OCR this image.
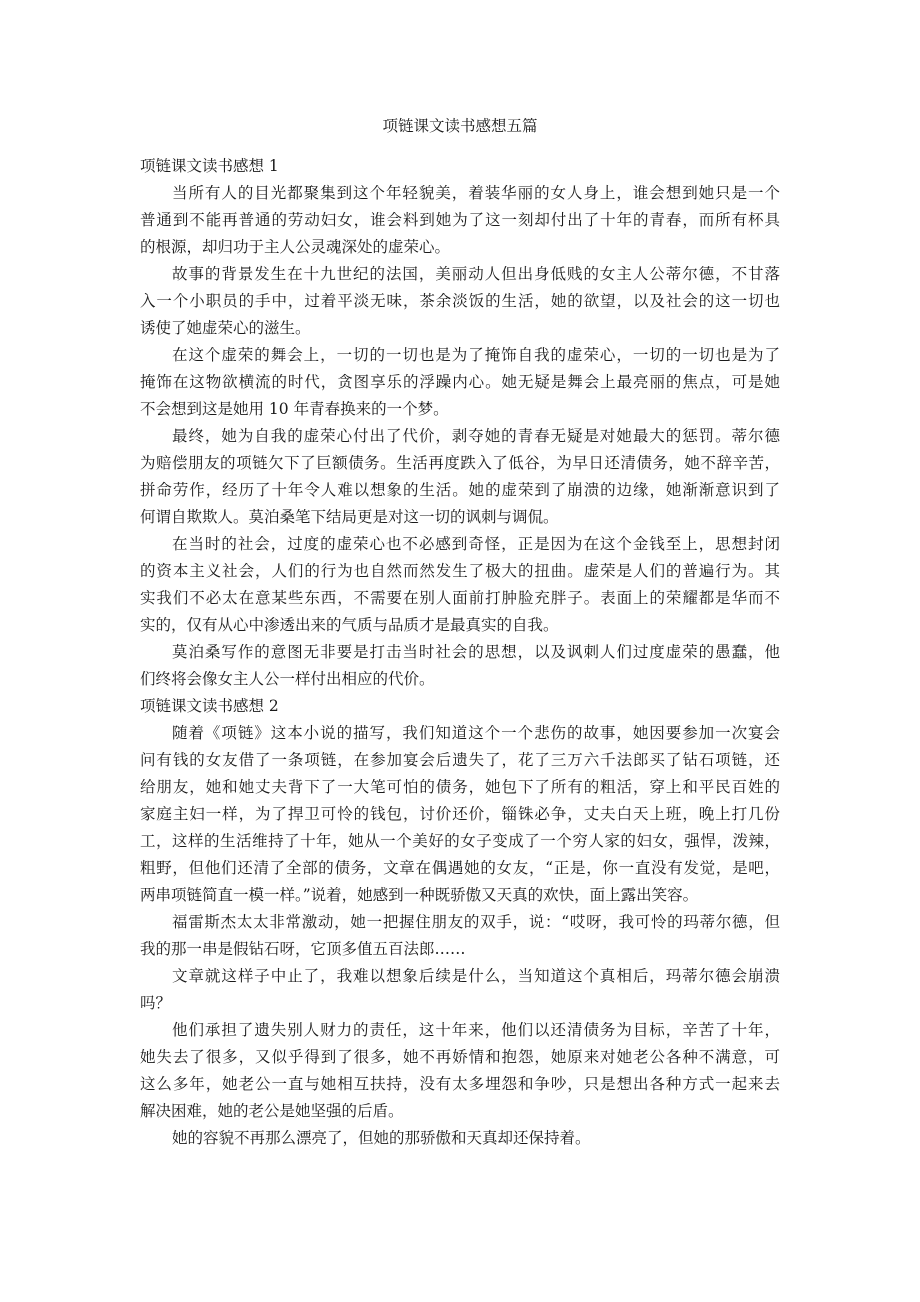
项链课文读书感想五篇
项链课文读书感想 1
当所有人的目光都聚集到这个年轻貌美，着装华丽的女人身上，谁会想到她只是一个
普通到不能再普通的劳动妇女，谁会料到她为了这一刻却付出了十年的青春，而所有杯具
的根源，却归功于主人公灵魂深处的虚荣心。
故事的背景发生在十九世纪的法国，美丽动人但出身低贱的女主人公蒂尔德，不甘落
入一个小职员的手中，过着平淡无味，茶余淡饭的生活，她的欲望，以及社会的这一切也
诱使了她虚荣心的滋生。
在这个虚荣的舞会上，一切的一切也是为了掩饰自我的虚荣心，一切的一切也是为了
掩饰在这物欲横流的时代，贪图享乐的浮躁内心。她无疑是舞会上最亮丽的焦点，可是她
不会想到这是她用 10 年青春换来的一个梦。
最终，她为自我的虚荣心付出了代价，剥夺她的青春无疑是对她最大的惩罚。蒂尔德
为赔偿朋友的项链欠下了巨额债务。生活再度跌入了低谷，为早日还清债务，她不辞辛苦，
拼命劳作，经历了十年令人难以想象的生活。她的虚荣到了崩溃的边缘，她渐渐意识到了
何谓自欺欺人。莫泊桑笔下结局更是对这一切的讽刺与调侃。
在当时的社会，过度的虚荣心也不必感到奇怪，正是因为在这个金钱至上，思想封闭
的资本主义社会，人们的行为也自然而然发生了极大的扭曲。虚荣是人们的普遍行为。其
实我们不必太在意某些东西，不需要在别人面前打肿脸充胖子。表面上的荣耀都是华而不
实的，仅有从心中渗透出来的气质与品质才是最真实的自我。
莫泊桑写作的意图无非要是打击当时社会的思想，以及讽刺人们过度虚荣的愚蠢，他
们终将会像女主人公一样付出相应的代价。
项链课文读书感想 2
随着《项链》这本小说的描写，我们知道这个一个悲伤的故事，她因要参加一次宴会
问有钱的女友借了一条项链，在参加宴会后遗失了，花了三万六千法郎买了钻石项链，还
给朋友，她和她丈夫背下了一大笔可怕的债务，她包下了所有的粗活，穿上和平民百姓的
家庭主妇一样，为了捍卫可怜的钱包，讨价还价，锱铢必争，丈夫白天上班，晚上打几份
工，这样的生活维持了十年，她从一个美好的女子变成了一个穷人家的妇女，强悍，泼辣，
粗野，但他们还清了全部的债务，文章在偶遇她的女友，“正是，你一直没有发觉，是吧，
两串项链简直一模一样。”说着，她感到一种既骄傲又天真的欢快，面上露出笑容。
福雷斯杰太太非常激动，她一把握住朋友的双手，说：“哎呀，我可怜的玛蒂尔德，但
我的那一串是假钻石呀，它顶多值五百法郎……
文章就这样子中止了，我难以想象后续是什么，当知道这个真相后，玛蒂尔德会崩溃
吗？
他们承担了遗失别人财力的责任，这十年来，他们以还清债务为目标，辛苦了十年，
她失去了很多，又似乎得到了很多，她不再娇情和抱怨，她原来对她老公各种不满意，可
这么多年，她老公一直与她相互扶持，没有太多埋怨和争吵，只是想出各种方式一起来去
解决困难，她的老公是她坚强的后盾。
她的容貌不再那么漂亮了，但她的那骄傲和天真却还保持着。
